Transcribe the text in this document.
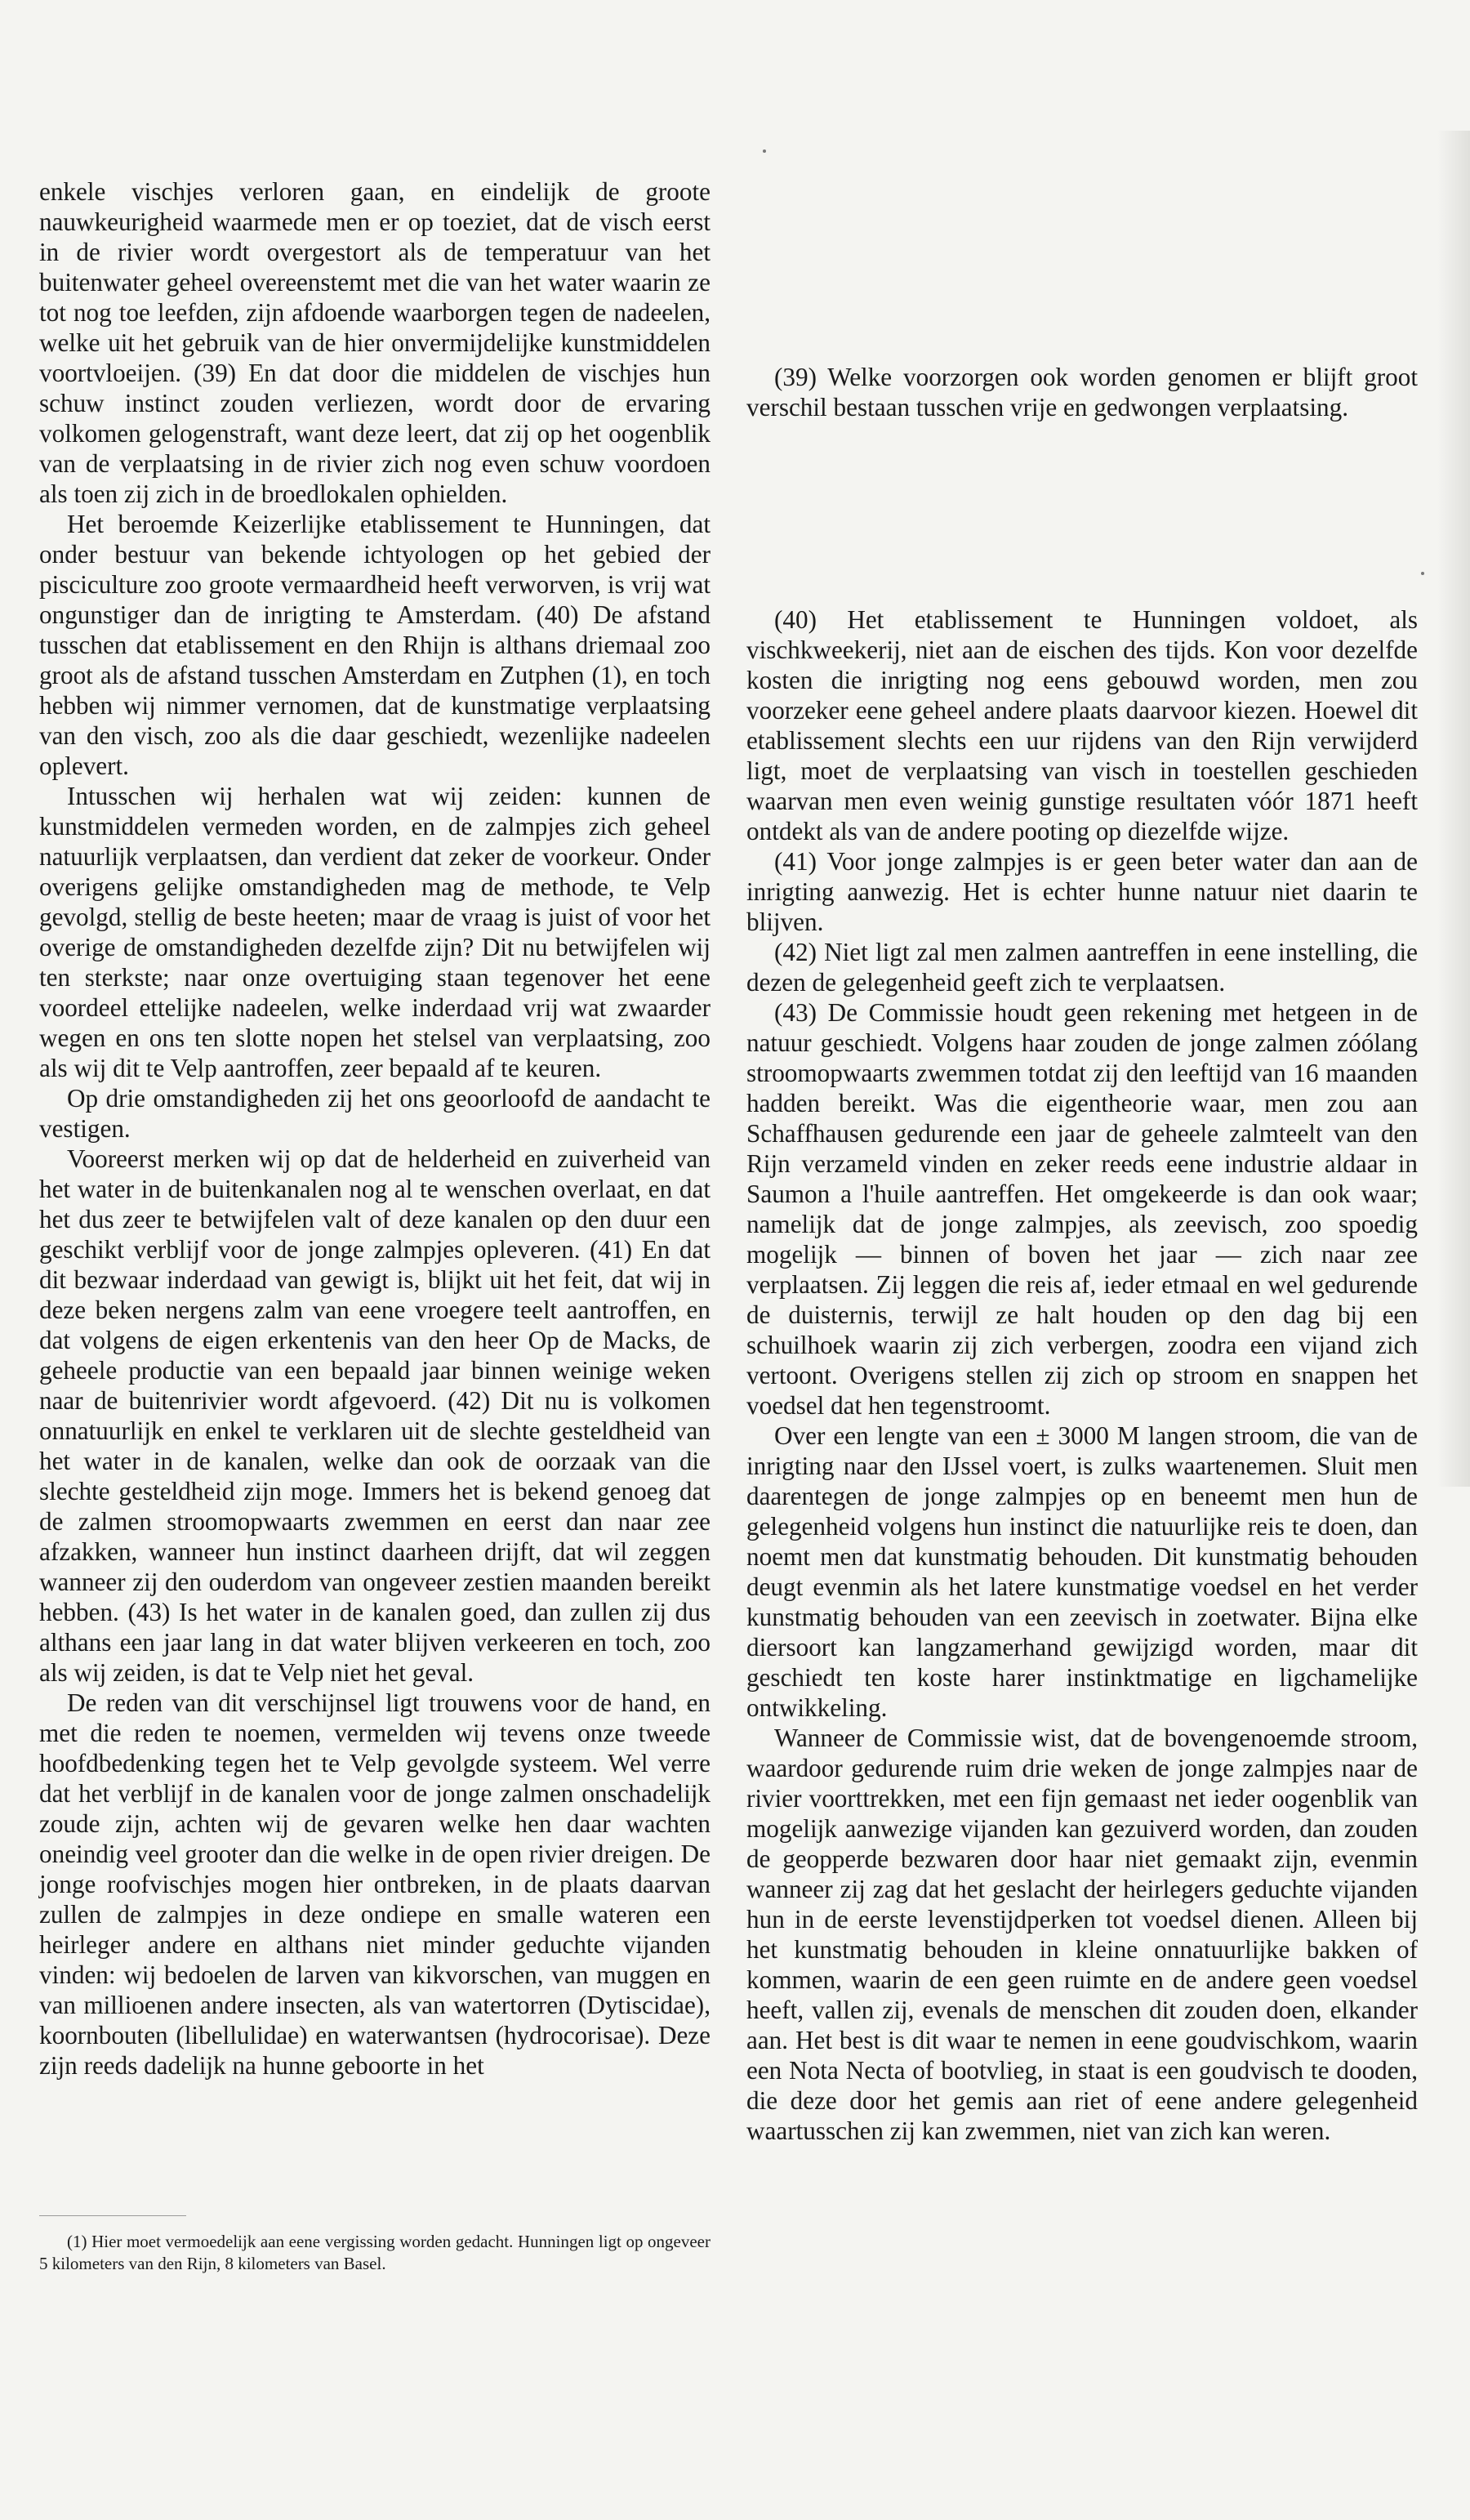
enkele vischjes verloren gaan, en eindelijk de groote nauwkeurigheid waarmede men er op toeziet, dat de visch eerst in de rivier wordt overgestort als de temperatuur van het buitenwater geheel overeenstemt met die van het water waarin ze tot nog toe leefden, zijn afdoende waarborgen tegen de nadeelen, welke uit het gebruik van de hier onvermijdelijke kunstmiddelen voortvloeijen. (39) En dat door die middelen de vischjes hun schuw instinct zouden verliezen, wordt door de ervaring volkomen gelogenstraft, want deze leert, dat zij op het oogenblik van de verplaatsing in de rivier zich nog even schuw voordoen als toen zij zich in de broedlokalen ophielden.

Het beroemde Keizerlijke etablissement te Hunningen, dat onder bestuur van bekende ichtyologen op het gebied der pisciculture zoo groote vermaardheid heeft verworven, is vrij wat ongunstiger dan de inrigting te Amsterdam. (40) De afstand tusschen dat etablissement en den Rhijn is althans driemaal zoo groot als de afstand tusschen Amsterdam en Zutphen (1), en toch hebben wij nimmer vernomen, dat de kunstmatige verplaatsing van den visch, zoo als die daar geschiedt, wezenlijke nadeelen oplevert.

Intusschen wij herhalen wat wij zeiden: kunnen de kunstmiddelen vermeden worden, en de zalmpjes zich geheel natuurlijk verplaatsen, dan verdient dat zeker de voorkeur. Onder overigens gelijke omstandigheden mag de methode, te Velp gevolgd, stellig de beste heeten; maar de vraag is juist of voor het overige de omstandigheden dezelfde zijn? Dit nu betwijfelen wij ten sterkste; naar onze overtuiging staan tegenover het eene voordeel ettelijke nadeelen, welke inderdaad vrij wat zwaarder wegen en ons ten slotte nopen het stelsel van verplaatsing, zoo als wij dit te Velp aantroffen, zeer bepaald af te keuren.

Op drie omstandigheden zij het ons geoorloofd de aandacht te vestigen.

Vooreerst merken wij op dat de helderheid en zuiverheid van het water in de buitenkanalen nog al te wenschen overlaat, en dat het dus zeer te betwijfelen valt of deze kanalen op den duur een geschikt verblijf voor de jonge zalmpjes opleveren. (41) En dat dit bezwaar inderdaad van gewigt is, blijkt uit het feit, dat wij in deze beken nergens zalm van eene vroegere teelt aantroffen, en dat volgens de eigen erkentenis van den heer Op de Macks, de geheele productie van een bepaald jaar binnen weinige weken naar de buitenrivier wordt afgevoerd. (42) Dit nu is volkomen onnatuurlijk en enkel te verklaren uit de slechte gesteldheid van het water in de kanalen, welke dan ook de oorzaak van die slechte gesteldheid zijn moge. Immers het is bekend genoeg dat de zalmen stroomopwaarts zwemmen en eerst dan naar zee afzakken, wanneer hun instinct daarheen drijft, dat wil zeggen wanneer zij den ouderdom van ongeveer zestien maanden bereikt hebben. (43) Is het water in de kanalen goed, dan zullen zij dus althans een jaar lang in dat water blijven verkeeren en toch, zoo als wij zeiden, is dat te Velp niet het geval.

De reden van dit verschijnsel ligt trouwens voor de hand, en met die reden te noemen, vermelden wij tevens onze tweede hoofdbedenking tegen het te Velp gevolgde systeem. Wel verre dat het verblijf in de kanalen voor de jonge zalmen onschadelijk zoude zijn, achten wij de gevaren welke hen daar wachten oneindig veel grooter dan die welke in de open rivier dreigen. De jonge roofvischjes mogen hier ontbreken, in de plaats daarvan zullen de zalmpjes in deze ondiepe en smalle wateren een heirleger andere en althans niet minder geduchte vijanden vinden: wij bedoelen de larven van kikvorschen, van muggen en van millioenen andere insecten, als van watertorren (Dytiscidae), koornbouten (libellulidae) en waterwantsen (hydrocorisae). Deze zijn reeds dadelijk na hunne geboorte in het

(1) Hier moet vermoedelijk aan eene vergissing worden gedacht. Hunningen ligt op ongeveer 5 kilometers van den Rijn, 8 kilometers van Basel.

(39) Welke voorzorgen ook worden genomen er blijft groot verschil bestaan tusschen vrije en gedwongen verplaatsing.

(40) Het etablissement te Hunningen voldoet, als vischkweekerij, niet aan de eischen des tijds. Kon voor dezelfde kosten die inrigting nog eens gebouwd worden, men zou voorzeker eene geheel andere plaats daarvoor kiezen. Hoewel dit etablissement slechts een uur rijdens van den Rijn verwijderd ligt, moet de verplaatsing van visch in toestellen geschieden waarvan men even weinig gunstige resultaten vóór 1871 heeft ontdekt als van de andere pooting op diezelfde wijze.

(41) Voor jonge zalmpjes is er geen beter water dan aan de inrigting aanwezig. Het is echter hunne natuur niet daarin te blijven.

(42) Niet ligt zal men zalmen aantreffen in eene instelling, die dezen de gelegenheid geeft zich te verplaatsen.

(43) De Commissie houdt geen rekening met hetgeen in de natuur geschiedt. Volgens haar zouden de jonge zalmen zóólang stroomopwaarts zwemmen totdat zij den leeftijd van 16 maanden hadden bereikt. Was die eigentheorie waar, men zou aan Schaffhausen gedurende een jaar de geheele zalmteelt van den Rijn verzameld vinden en zeker reeds eene industrie aldaar in Saumon a l'huile aantreffen. Het omgekeerde is dan ook waar; namelijk dat de jonge zalmpjes, als zeevisch, zoo spoedig mogelijk — binnen of boven het jaar — zich naar zee verplaatsen. Zij leggen die reis af, ieder etmaal en wel gedurende de duisternis, terwijl ze halt houden op den dag bij een schuilhoek waarin zij zich verbergen, zoodra een vijand zich vertoont. Overigens stellen zij zich op stroom en snappen het voedsel dat hen tegenstroomt.

Over een lengte van een ± 3000 M langen stroom, die van de inrigting naar den IJssel voert, is zulks waartenemen. Sluit men daarentegen de jonge zalmpjes op en beneemt men hun de gelegenheid volgens hun instinct die natuurlijke reis te doen, dan noemt men dat kunstmatig behouden. Dit kunstmatig behouden deugt evenmin als het latere kunstmatige voedsel en het verder kunstmatig behouden van een zeevisch in zoetwater. Bijna elke diersoort kan langzamerhand gewijzigd worden, maar dit geschiedt ten koste harer instinktmatige en ligchamelijke ontwikkeling.

Wanneer de Commissie wist, dat de bovengenoemde stroom, waardoor gedurende ruim drie weken de jonge zalmpjes naar de rivier voorttrekken, met een fijn gemaast net ieder oogenblik van mogelijk aanwezige vijanden kan gezuiverd worden, dan zouden de geopperde bezwaren door haar niet gemaakt zijn, evenmin wanneer zij zag dat het geslacht der heirlegers geduchte vijanden hun in de eerste levenstijdperken tot voedsel dienen. Alleen bij het kunstmatig behouden in kleine onnatuurlijke bakken of kommen, waarin de een geen ruimte en de andere geen voedsel heeft, vallen zij, evenals de menschen dit zouden doen, elkander aan. Het best is dit waar te nemen in eene goudvischkom, waarin een Nota Necta of bootvlieg, in staat is een goudvisch te dooden, die deze door het gemis aan riet of eene andere gelegenheid waartusschen zij kan zwemmen, niet van zich kan weren.
